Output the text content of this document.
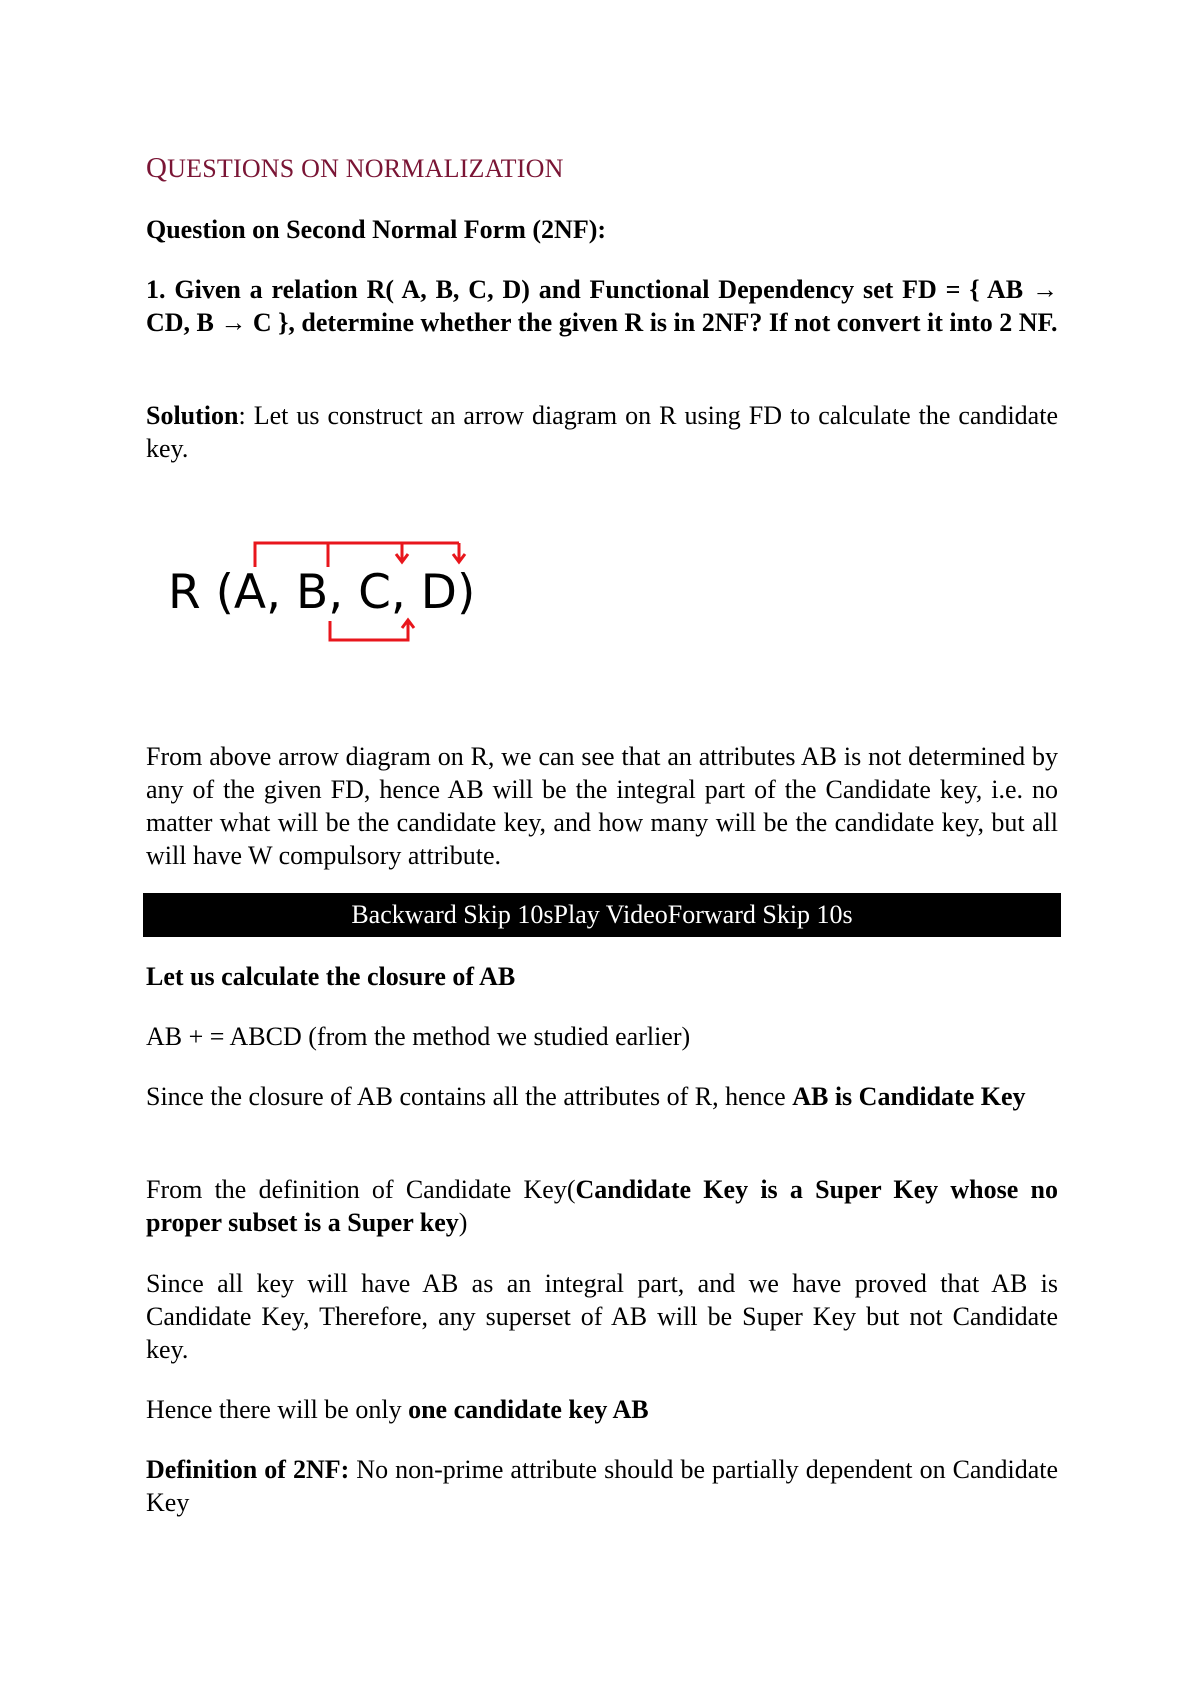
QUESTIONS ON NORMALIZATION

Question on Second Normal Form (2NF):

1. Given a relation R( A, B, C, D) and Functional Dependency set FD = { AB → CD, B → C }, determine whether the given R is in 2NF? If not convert it into 2 NF.

Solution: Let us construct an arrow diagram on R using FD to calculate the candidate key.

R (A, B, C, D)

From above arrow diagram on R, we can see that an attributes AB is not determined by any of the given FD, hence AB will be the integral part of the Candidate key, i.e. no matter what will be the candidate key, and how many will be the candidate key, but all will have W compulsory attribute.

Backward Skip 10sPlay VideoForward Skip 10s

Let us calculate the closure of AB

AB + = ABCD (from the method we studied earlier)

Since the closure of AB contains all the attributes of R, hence AB is Candidate Key

From the definition of Candidate Key(Candidate Key is a Super Key whose no proper subset is a Super key)

Since all key will have AB as an integral part, and we have proved that AB is Candidate Key, Therefore, any superset of AB will be Super Key but not Candidate key.

Hence there will be only one candidate key AB

Definition of 2NF: No non-prime attribute should be partially dependent on Candidate Key
